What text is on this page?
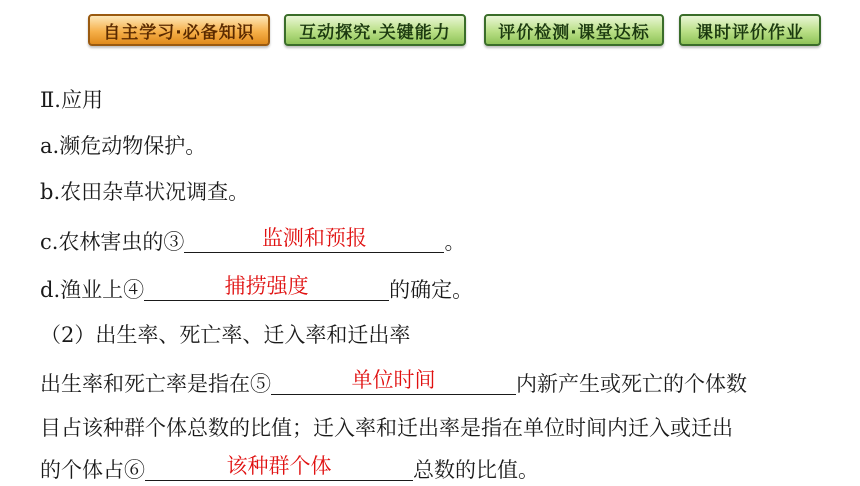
自主学习·必备知识	互动探究·关键能力	评价检测·课堂达标	课时评价作业
Ⅱ.应用
a.濒危动物保护。
b.农田杂草状况调查。
c.农林害虫的③	监测和预报	。
d.渔业上④	捕捞强度	的确定。
（2）出生率、死亡率、迁入率和迁出率
出生率和死亡率是指在⑤	单位时间	内新产生或死亡的个体数
目占该种群个体总数的比值；迁入率和迁出率是指在单位时间内迁入或迁出
的个体占⑥	该种群个体	总数的比值。
